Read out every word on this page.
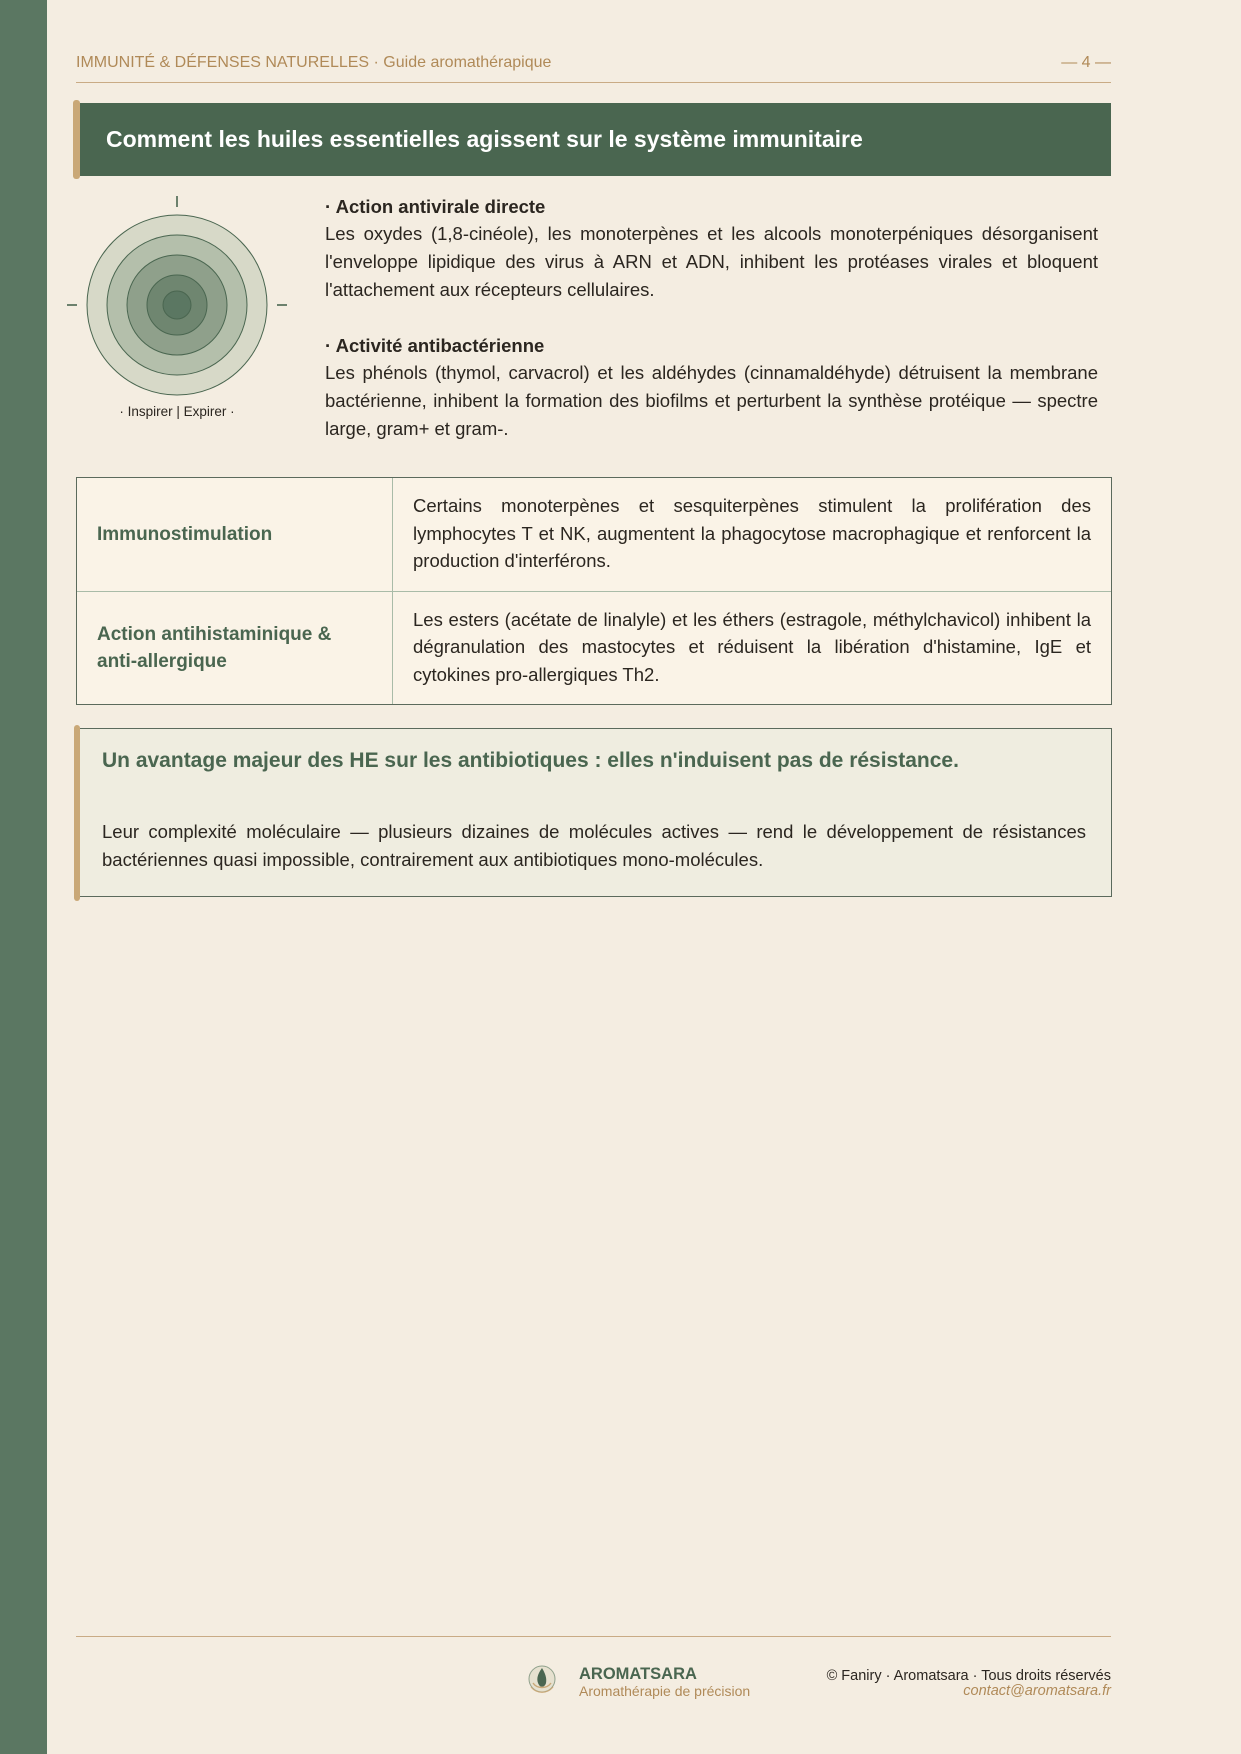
IMMUNITÉ & DÉFENSES NATURELLES · Guide aromathérapique	— 4 —
Comment les huiles essentielles agissent sur le système immunitaire
· Inspirer | Expirer ·
· Action antivirale directe
Les oxydes (1,8-cinéole), les monoterpènes et les alcools monoterpéniques désorganisent l'enveloppe lipidique des virus à ARN et ADN, inhibent les protéases virales et bloquent l'attachement aux récepteurs cellulaires.
· Activité antibactérienne
Les phénols (thymol, carvacrol) et les aldéhydes (cinnamaldéhyde) détruisent la membrane bactérienne, inhibent la formation des biofilms et perturbent la synthèse protéique — spectre large, gram+ et gram-.
Immunostimulation
Certains monoterpènes et sesquiterpènes stimulent la prolifération des lymphocytes T et NK, augmentent la phagocytose macrophagique et renforcent la production d'interférons.
Action antihistaminique & anti-allergique
Les esters (acétate de linalyle) et les éthers (estragole, méthylchavicol) inhibent la dégranulation des mastocytes et réduisent la libération d'histamine, IgE et cytokines pro-allergiques Th2.
Un avantage majeur des HE sur les antibiotiques : elles n'induisent pas de résistance.
Leur complexité moléculaire — plusieurs dizaines de molécules actives — rend le développement de résistances bactériennes quasi impossible, contrairement aux antibiotiques mono-molécules.
AROMATSARA
Aromathérapie de précision
© Faniry · Aromatsara · Tous droits réservés
contact@aromatsara.fr
